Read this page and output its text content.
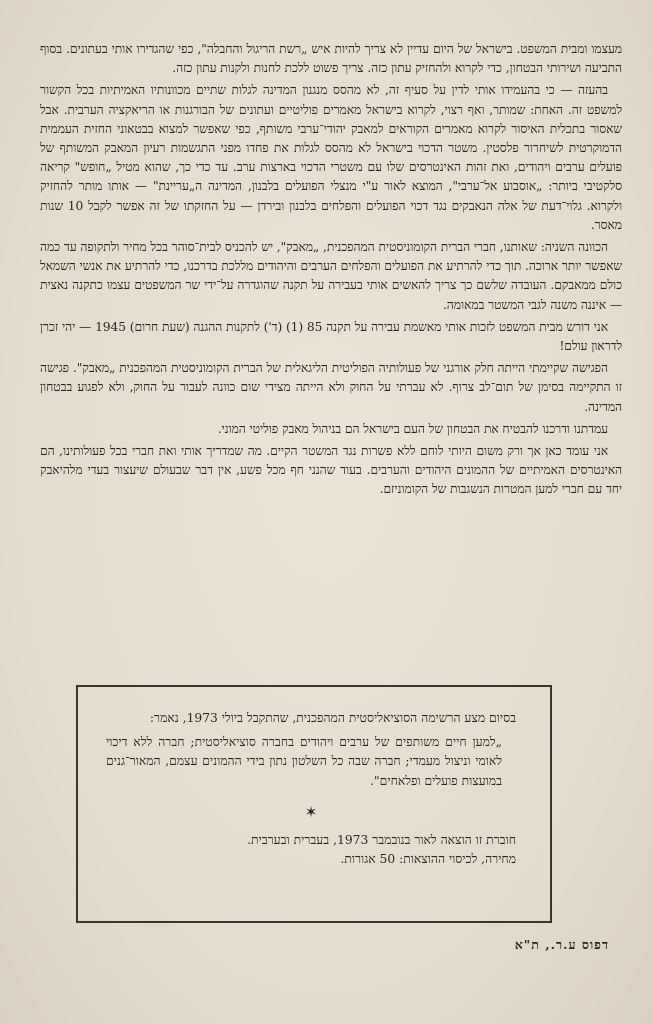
מעצמו ומבית המשפט. בישראל של היום עדיין לא צריך להיות איש „רשת הריגול והחבלה", כפי שהגדירו אותי בעתונים. בסוף התביעה ושירותי הבטחון, כדי לקרוא ולהחזיק עתון כזה. צריך פשוט ללכת לחנות ולקנות עתון כזה.

בהעזה — כי בהעמידו אותי לדין על סעיף זה, לא מהסס מנגנון המדינה לגלות שתיים מכוונותיו האמיתיות בכל הקשור למשפט זה. האחת: שמותר, ואף רצוי, לקרוא בישראל מאמרים פוליטיים ועתונים של הבורגנות או הריאקציה הערבית. אבל שאסור בתכלית האיסור לקרוא מאמרים הקוראים למאבק יהודי־ערבי משותף, כפי שאפשר למצוא בבטאוני החזית העממית הדמוקרטית לשיחרור פלסטין. משטר הדכוי בישראל לא מהסס לגלות את פחדו מפני התגשמות רעיון המאבק המשותף של פועלים ערבים ויהודים, ואת זהות האינטרסים שלו עם משטרי הדכוי בארצות ערב. עד כדי כך, שהוא מטיל „חופש" קריאה סלקטיבי ביותר: „אוסבוע אל־ערבי", המוצא לאור ע"י מנצלי הפועלים בלבנון, המדינה ה„עריינת" — אותו מותר להחזיק ולקרוא. גלוי־דעת של אלה הנאבקים נגד דכוי הפועלים והפלחים בלבנון ובירדן — על החזקתו של זה אפשר לקבל 10 שנות מאסר.

הכוונה השניה: שאותנו, חברי הברית הקומוניסטית המהפכנית, „מאבק", יש להכניס לבית־סוהר בכל מחיר ולתקופה עד כמה שאפשר יותר ארוכה. תוך כדי להרתיע את הפועלים והפלחים הערבים והיהודים מללכת בדרכנו, כדי להרתיע את אנשי השמאל כולם ממאבקם. העובדה שלשם כך צריך להאשים אותי בעבירה על תקנה שהוגדרה על־ידי שר המשפטים עצמו כתקנה נאצית — איננה משנה לגבי המשטר במאומה.

אני דורש מבית המשפט לזכות אותי מאשמת עבירה על תקנה 85 (1) (ד') לתקנות ההגנה (שעת חרום) 1945 — יהי זכרן לדראון עולם!

הפגישה שקיימתי הייתה חלק אורגני של פעולותיה הפוליטית הליגאלית של הברית הקומוניסטית המהפכנית „מאבק". פגישה זו התקיימה בסימן של תום־לב צרוף. לא עברתי על החוק ולא הייתה מצידי שום כוונה לעבור על החוק, ולא לפגוע בבטחון המדינה.

עמדתנו ודרכנו להבטיח את הבטחון של העם בישראל הם בניהול מאבק פוליטי המוני.

אני עומד כאן אך ורק משום היותי לוחם ללא פשרות נגד המשטר הקיים. מה שמדריך אותי ואת חברי בכל פעולותינו, הם האינטרסים האמיתיים של ההמונים היהודים והערבים. בעוד שהנני חף מכל פשע, אין דבר שבעולם שיעצור בעדי מלהיאבק יחד עם חברי למען המטרות הנשגבות של הקומוניזם.

בסיום מצע הרשימה הסוציאליסטית המהפכנית, שהתקבל ביולי 1973, נאמר:

„למען חיים משותפים של ערבים ויהודים בחברה סוציאליסטית; חברה ללא דיכוי לאומי וניצול מעמדי; חברה שבה כל השלטון נתון בידי ההמונים עצמם, המאור־גנים במועצות פועלים ופלאחים".

✶

חוברת זו הוצאה לאור בנובמבר 1973, בעברית ובערבית.

מחירה, לכיסוי ההוצאות: 50 אגורות.

דפוס ע.ר., ת"א
